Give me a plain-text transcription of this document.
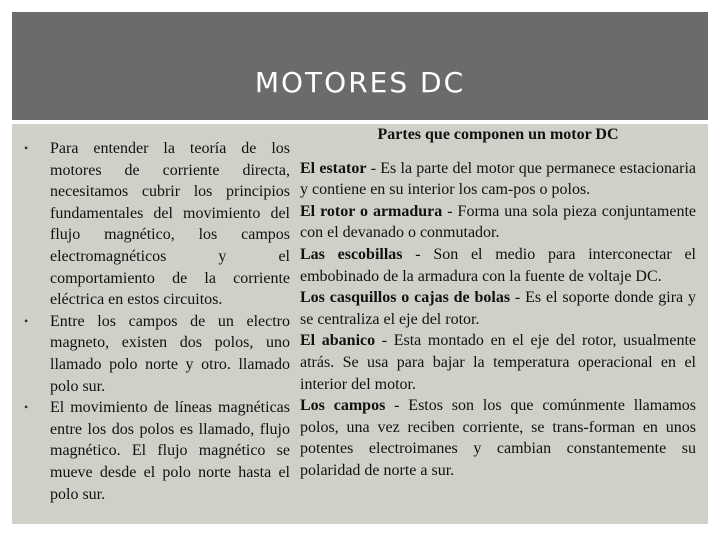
MOTORES DC
• Para entender la teoría de los motores de corriente directa, necesitamos cubrir los principios fundamentales del movimiento del flujo magnético, los campos electromagnéticos y el comportamiento de la corriente eléctrica en estos circuitos.
• Entre los campos de un electro magneto, existen dos polos, uno llamado polo norte y otro. llamado polo sur.
• El movimiento de líneas magnéticas entre los dos polos es llamado, flujo magnético. El flujo magnético se mueve desde el polo norte hasta el polo sur.

Partes que componen un motor DC

El estator - Es la parte del motor que permanece estacionaria y contiene en su interior los cam-pos o polos.
El rotor o armadura - Forma una sola pieza conjuntamente con el devanado o conmutador.
Las escobillas - Son el medio para interconectar el embobinado de la armadura con la fuente de voltaje DC.
Los casquillos o cajas de bolas - Es el soporte donde gira y se centraliza el eje del rotor.
El abanico - Esta montado en el eje del rotor, usualmente atrás. Se usa para bajar la temperatura operacional en el interior del motor.
Los campos - Estos son los que comúnmente llamamos polos, una vez reciben corriente, se trans-forman en unos potentes electroimanes y cambian constantemente su polaridad de norte a sur.
